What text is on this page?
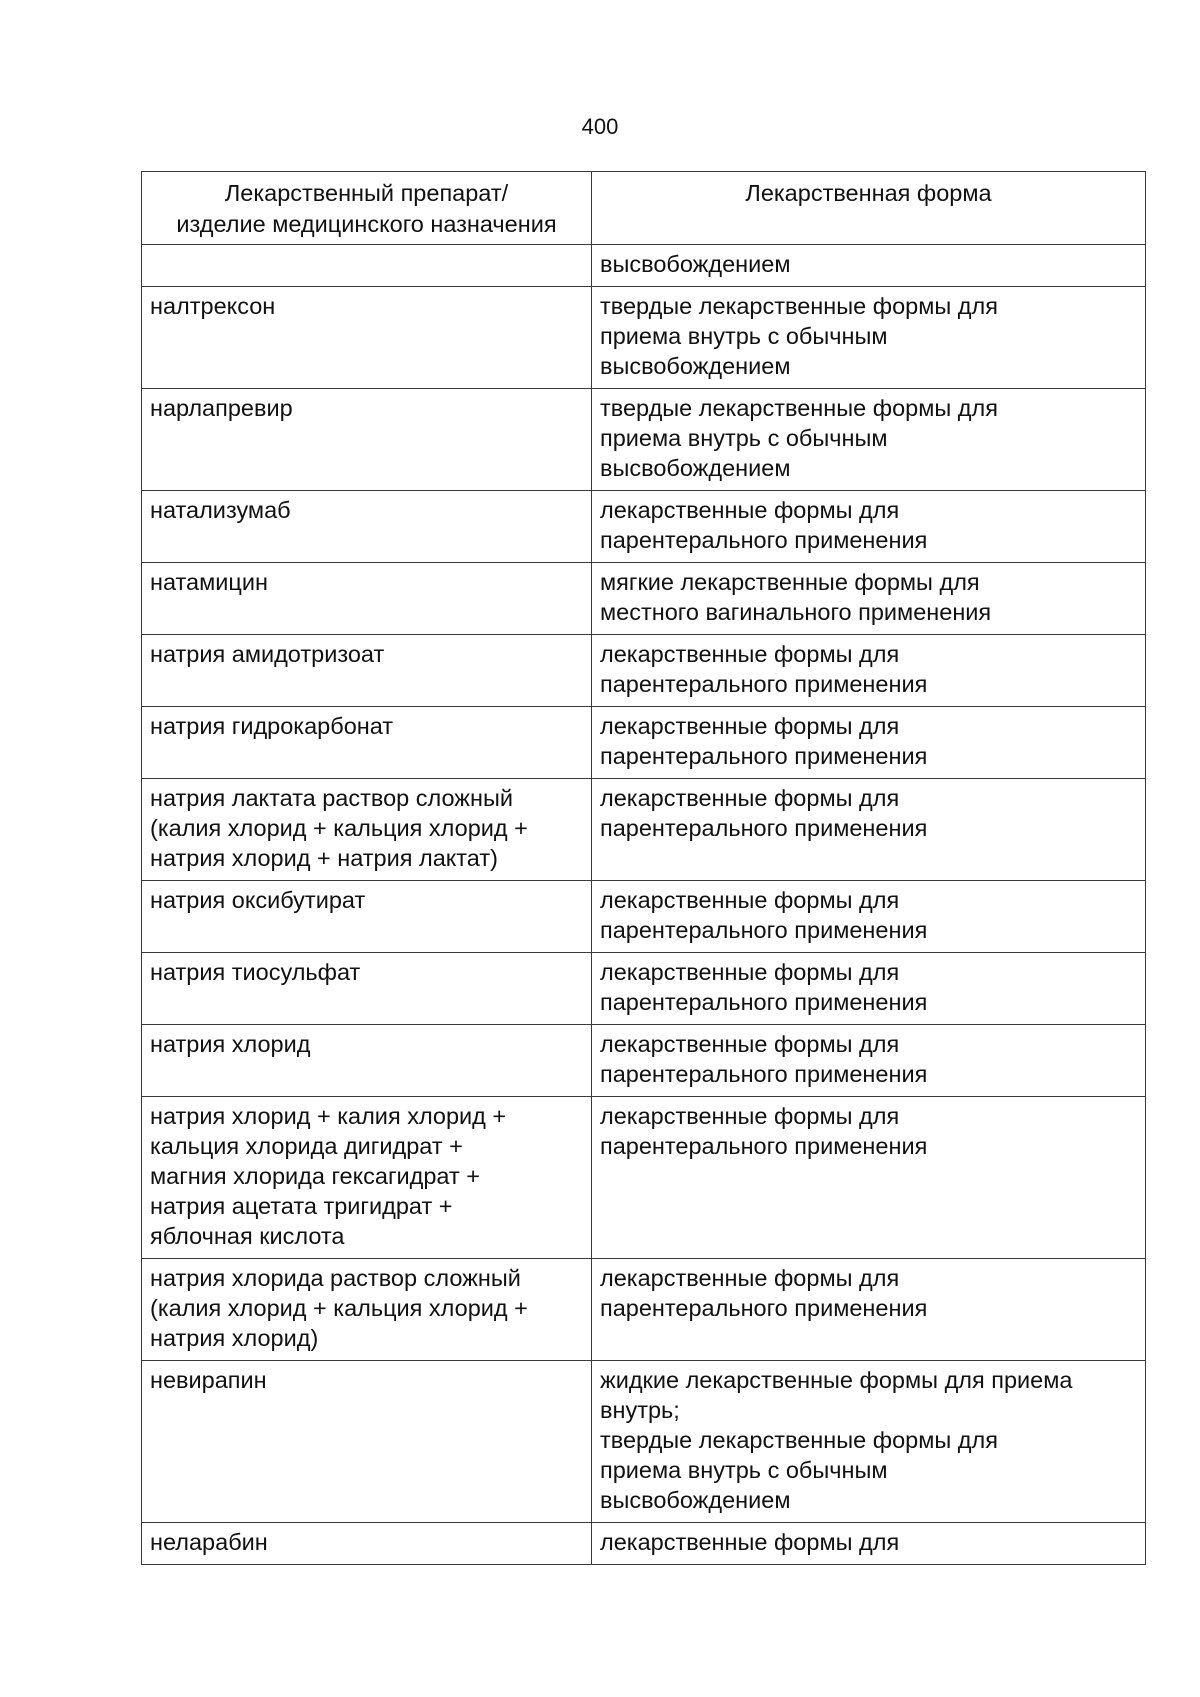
400
Лекарственный препарат/
изделие медицинского назначения	Лекарственная форма
	высвобождением
налтрексон	твердые лекарственные формы для
приема внутрь с обычным
высвобождением
нарлапревир	твердые лекарственные формы для
приема внутрь с обычным
высвобождением
натализумаб	лекарственные формы для
парентерального применения
натамицин	мягкие лекарственные формы для
местного вагинального применения
натрия амидотризоат	лекарственные формы для
парентерального применения
натрия гидрокарбонат	лекарственные формы для
парентерального применения
натрия лактата раствор сложный
(калия хлорид + кальция хлорид +
натрия хлорид + натрия лактат)	лекарственные формы для
парентерального применения
натрия оксибутират	лекарственные формы для
парентерального применения
натрия тиосульфат	лекарственные формы для
парентерального применения
натрия хлорид	лекарственные формы для
парентерального применения
натрия хлорид + калия хлорид +
кальция хлорида дигидрат +
магния хлорида гексагидрат +
натрия ацетата тригидрат +
яблочная кислота	лекарственные формы для
парентерального применения
натрия хлорида раствор сложный
(калия хлорид + кальция хлорид +
натрия хлорид)	лекарственные формы для
парентерального применения
невирапин	жидкие лекарственные формы для приема
внутрь;
твердые лекарственные формы для
приема внутрь с обычным
высвобождением
неларабин	лекарственные формы для
